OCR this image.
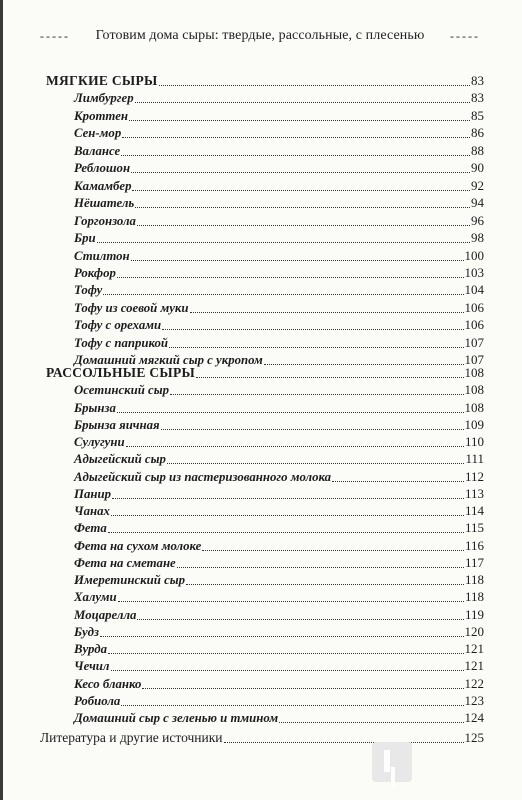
-----	Готовим дома сыры: твердые, рассольные, с плесенью	-----
МЯГКИЕ СЫРЫ	83
Лимбургер	83
Кроттен	85
Сен-мор	86
Валансе	88
Реблошон	90
Камамбер	92
Нёшатель	94
Горгонзола	96
Бри	98
Стилтон	100
Рокфор	103
Тофу	104
Тофу из соевой муки	106
Тофу с орехами	106
Тофу с паприкой	107
Домашний мягкий сыр с укропом	107
РАССОЛЬНЫЕ СЫРЫ	108
Осетинский сыр	108
Брынза	108
Брынза яичная	109
Сулугуни	110
Адыгейский сыр	111
Адыгейский сыр из пастеризованного молока	112
Панир	113
Чанах	114
Фета	115
Фета на сухом молоке	116
Фета на сметане	117
Имеретинский сыр	118
Халуми	118
Моцарелла	119
Будз	120
Вурда	121
Чечил	121
Кесо бланко	122
Робиола	123
Домашний сыр с зеленью и тмином	124
Литература и другие источники	125
